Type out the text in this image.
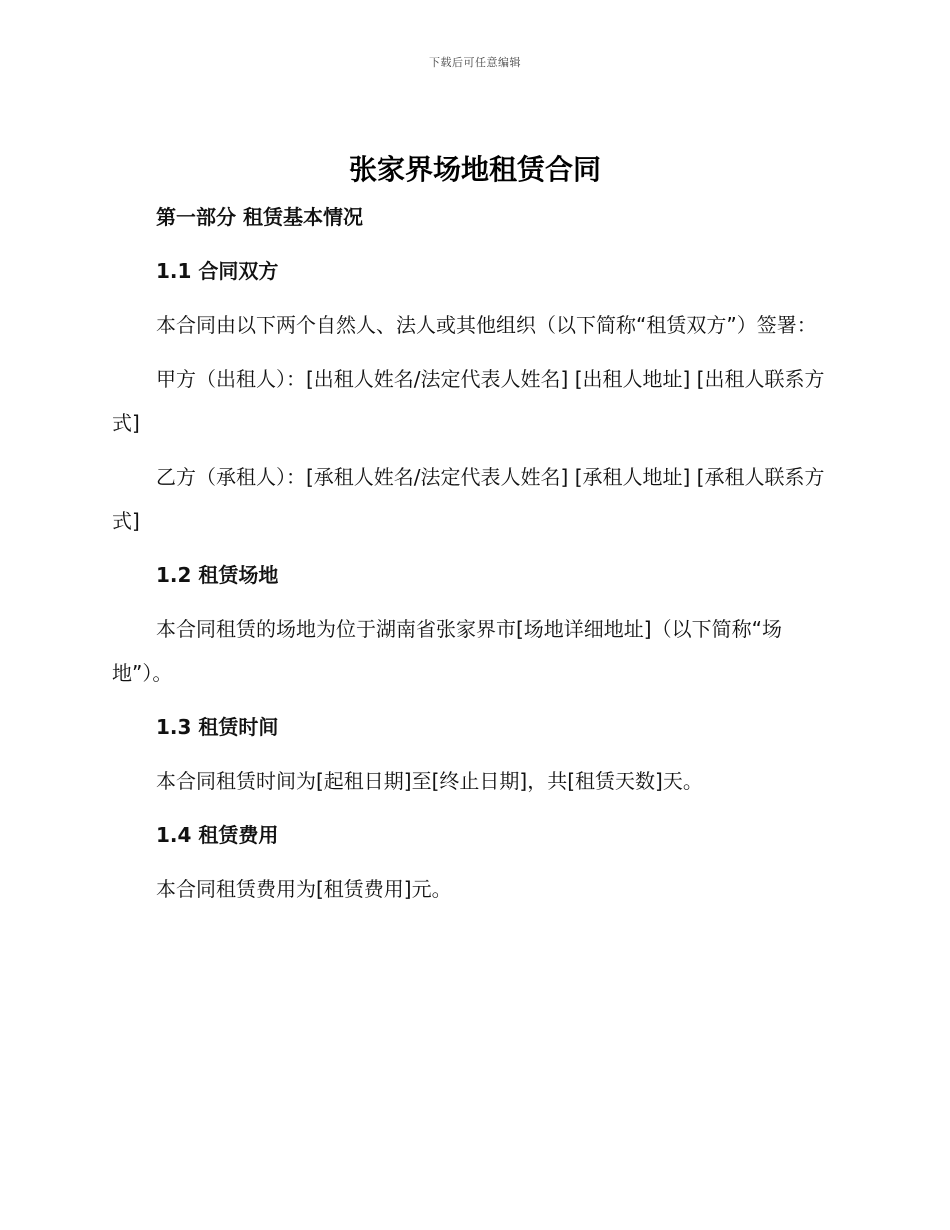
下载后可任意编辑
张家界场地租赁合同
第一部分 租赁基本情况
1.1 合同双方
本合同由以下两个自然人、法人或其他组织（以下简称“租赁双方”）签署：
甲方（出租人）：[出租人姓名/法定代表人姓名] [出租人地址] [出租人联系方式]
乙方（承租人）：[承租人姓名/法定代表人姓名] [承租人地址] [承租人联系方式]
1.2 租赁场地
本合同租赁的场地为位于湖南省张家界市[场地详细地址]（以下简称“场地”）。
1.3 租赁时间
本合同租赁时间为[起租日期]至[终止日期]，共[租赁天数]天。
1.4 租赁费用
本合同租赁费用为[租赁费用]元。
